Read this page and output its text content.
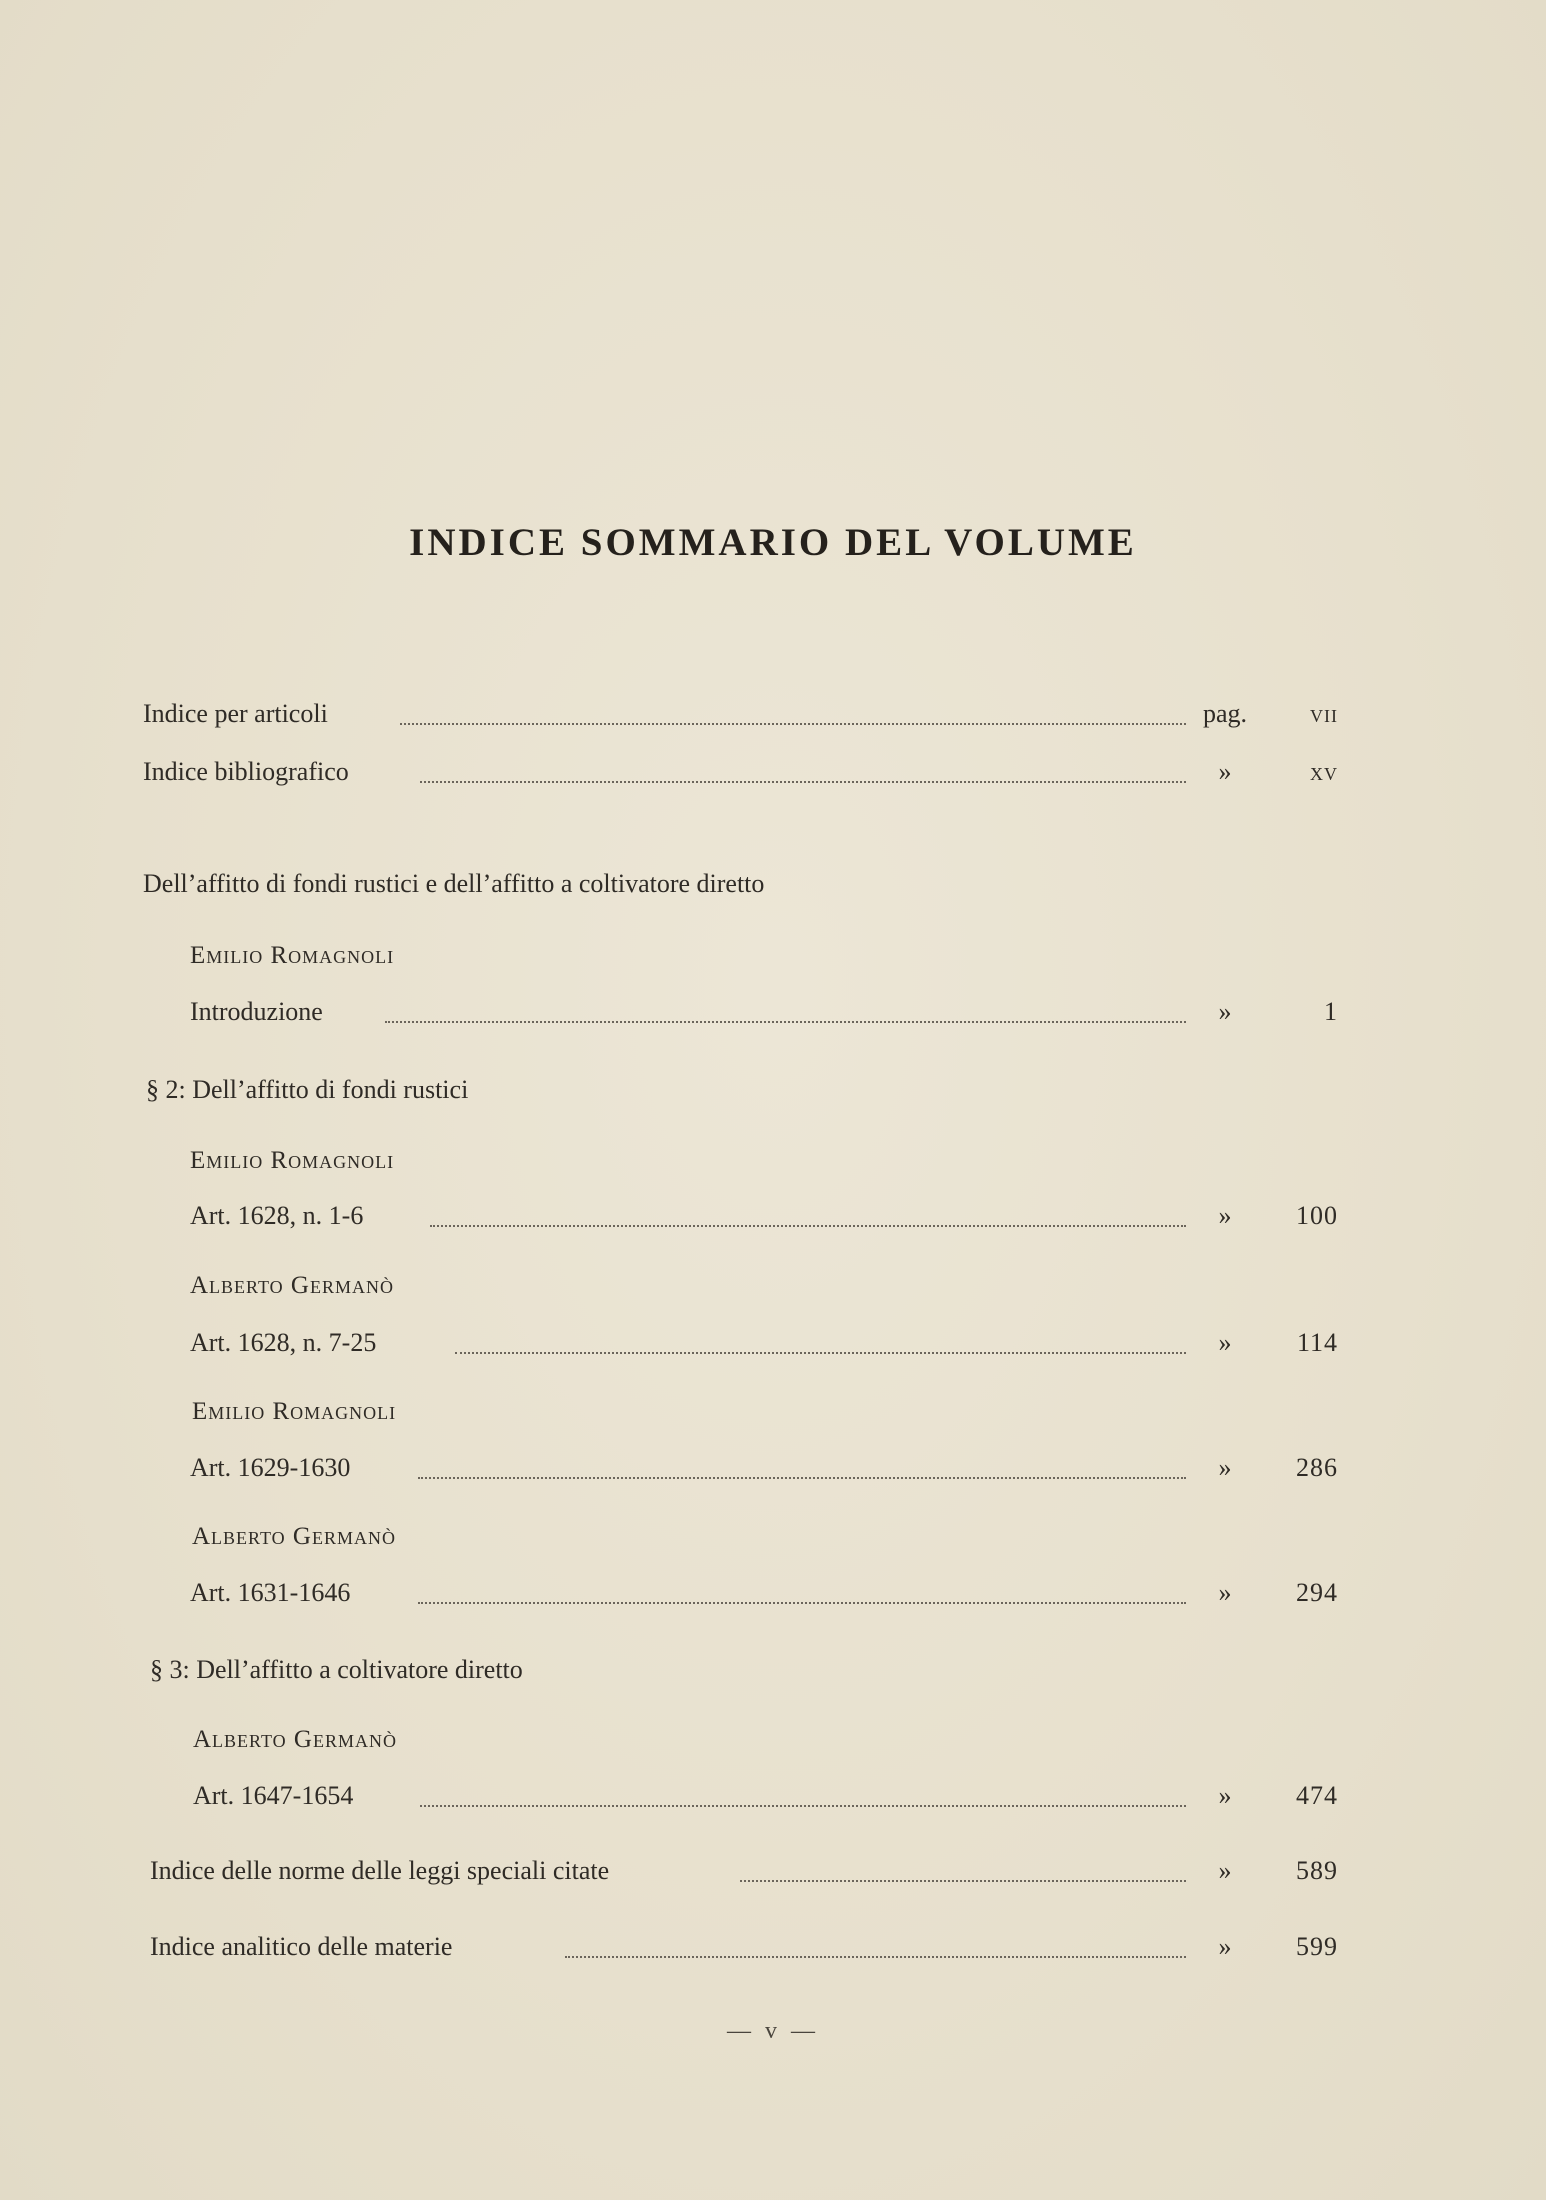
INDICE SOMMARIO DEL VOLUME
Indice per articoli	pag.	vii
Indice bibliografico	»	xv
Dell’affitto di fondi rustici e dell’affitto a coltivatore diretto
Emilio Romagnoli
Introduzione	»	1
§ 2: Dell’affitto di fondi rustici
Emilio Romagnoli
Art. 1628, n. 1-6	»	100
Alberto Germanò
Art. 1628, n. 7-25	»	114
Emilio Romagnoli
Art. 1629-1630	»	286
Alberto Germanò
Art. 1631-1646	»	294
§ 3: Dell’affitto a coltivatore diretto
Alberto Germanò
Art. 1647-1654	»	474
Indice delle norme delle leggi speciali citate	»	589
Indice analitico delle materie	»	599
— v —
